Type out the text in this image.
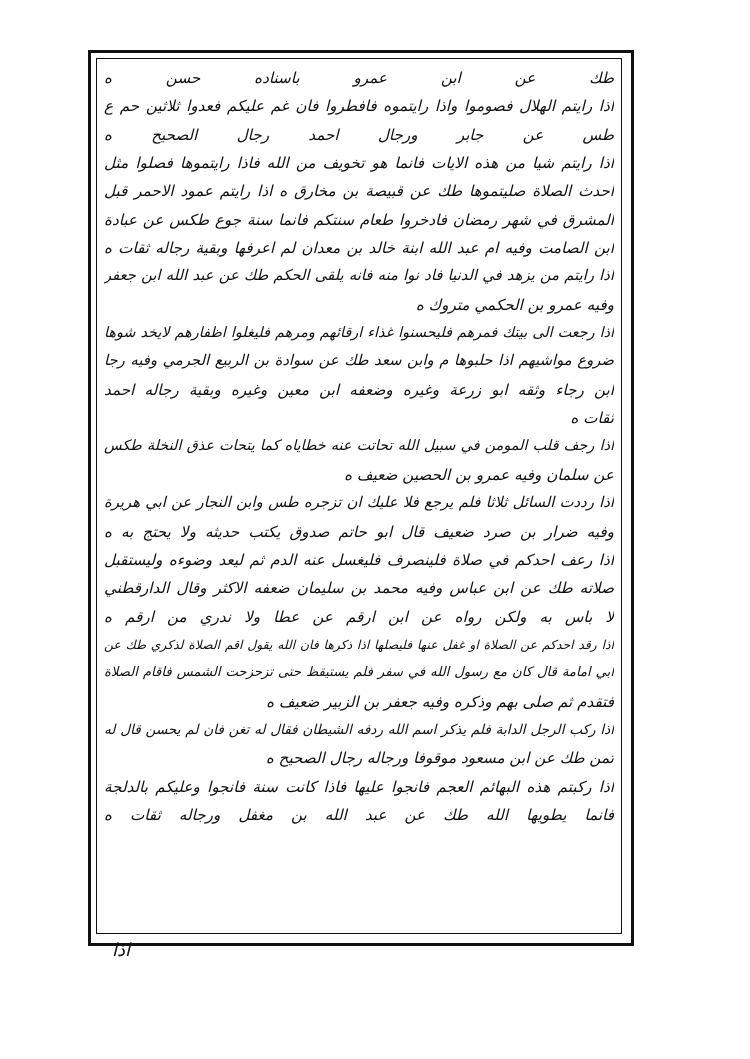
طك عن ابن عمرو باسناده حسن ه
اذا رايتم الهلال فصوموا واذا رايتموه فافطروا فان غم عليكم فعدوا ثلاثين حم ع
طس عن جابر ورجال احمد رجال الصحيح ه
اذا رايتم شيا من هذه الايات فانما هو تخويف من الله فاذا رايتموها فصلوا مثل
احدث الصلاة صليتموها طك عن قبيصة بن مخارق ه اذا رايتم عمود الاحمر قبل
المشرق في شهر رمضان فادخروا طعام سنتكم فانما سنة جوع طكس عن عبادة
ابن الصامت وفيه ام عبد الله ابنة خالد بن معدان لم اعرفها وبقية رجاله ثقات ه
اذا رايتم من يزهد في الدنيا فاد نوا منه فانه يلقى الحكم طك عن عبد الله ابن جعفر
وفيه عمرو بن الحكمي متروك ه
اذا رجعت الى بيتك فمرهم فليحسنوا غذاء ارقائهم ومرهم فليغلوا اظفارهم لايخد شوها
ضروع مواشيهم اذا حلبوها م وابن سعد طك عن سوادة بن الربيع الجرمي وفيه رجا
ابن رجاء وثقه ابو زرعة وغيره وضعفه ابن معين وغيره وبقية رجاله احمد
ثقات ه
اذا رجف قلب المومن في سبيل الله تحاتت عنه خطاياه كما يتحات عذق النخلة طكس
عن سلمان وفيه عمرو بن الحصين ضعيف ه
اذا رددت السائل ثلاثا فلم يرجع فلا عليك ان تزجره طس وابن النجار عن ابي هريرة
وفيه ضرار بن صرد ضعيف قال ابو حاتم صدوق يكتب حديثه ولا يحتج به ه
اذا رعف احدكم في صلاة فلينصرف فليغسل عنه الدم ثم ليعد وضوءه وليستقبل
صلاته طك عن ابن عباس وفيه محمد بن سليمان ضعفه الاكثر وقال الدارقطني
لا باس به ولكن رواه عن ابن ارقم عن عطا ولا ندري من ارقم ه
اذا رقد احدكم عن الصلاة او غفل عنها فليصلها اذا ذكرها فان الله يقول اقم الصلاة لذكري طك عن
ابي امامة قال كان مع رسول الله في سفر فلم يستيقظ حتى تزحزحت الشمس فاقام الصلاة
فتقدم ثم صلى بهم وذكره وفيه جعفر بن الزبير ضعيف ه
اذا ركب الرجل الدابة فلم يذكر اسم الله ردفه الشيطان فقال له تغن فان لم يحسن قال له
تمن طك عن ابن مسعود موقوفا ورجاله رجال الصحيح ه
اذا ركبتم هذه البهائم العجم فانجوا عليها فاذا كانت سنة فانجوا وعليكم بالدلجة
فانما يطويها الله طك عن عبد الله بن مغفل ورجاله ثقات ه
اذا
